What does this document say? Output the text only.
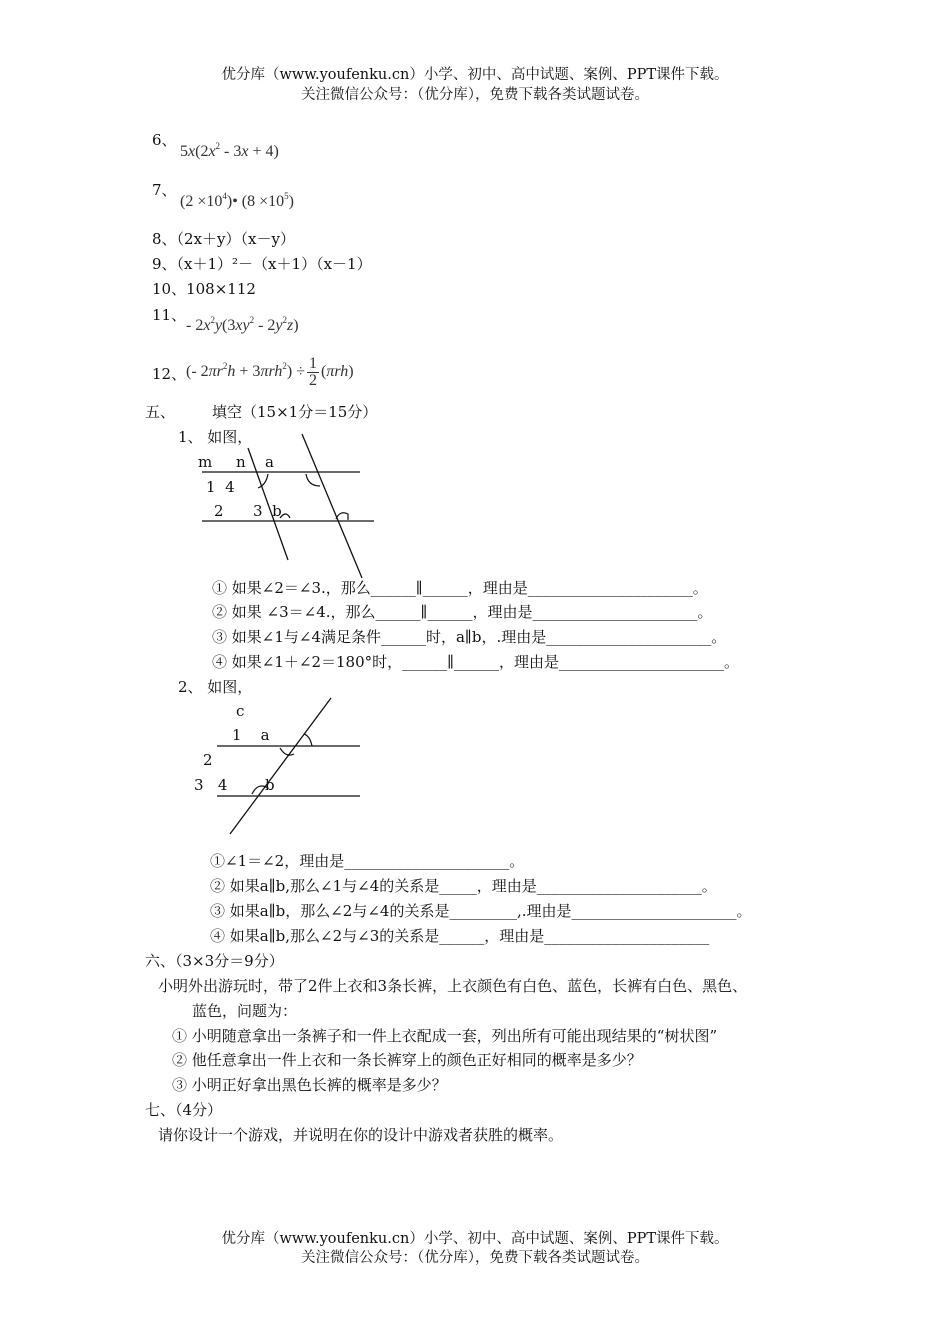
优分库（www.youfenku.cn）小学、初中、高中试题、案例、PPT课件下载。
关注微信公众号：（优分库），免费下载各类试题试卷。
6、
$5x(2x^2 - 3x + 4)$
7、
$(2 \times 10^4)•$ $(8 \times 10^5)$
8、（2x＋y）（x－y）
9、（x＋1）²－（x＋1）（x－1）
10、108×112
11、
- $2x^2y(3xy^2 - 2y^2z)$
12、 (- $2\pi r^2h + 3\pi rh^2) \div \frac{1}{2} (\pi rh)$
五、 填空（15×1分＝15分）
1、 如图，
m n a
1  4
2 3  b
① 如果∠2＝∠3.，那么______∥______，理由是______________________。
② 如果 ∠3＝∠4.，那么______∥______，理由是______________________。
③ 如果∠1与∠4满足条件______时，a∥b，.理由是______________________。
④ 如果∠1＋∠2＝180°时，______∥______，理由是______________________。
2、 如图，
c
1    a
2
3   4	b
①∠1＝∠2，理由是______________________。
② 如果a∥b,那么∠1与∠4的关系是_____，理由是______________________。
③ 如果a∥b，那么∠2与∠4的关系是_________,.理由是______________________。
④ 如果a∥b,那么∠2与∠3的关系是______，理由是______________________
六、（3×3分＝9分）
小明外出游玩时，带了2件上衣和3条长裤，上衣颜色有白色、蓝色，长裤有白色、黑色、
蓝色，问题为：
① 小明随意拿出一条裤子和一件上衣配成一套，列出所有可能出现结果的“树状图”
② 他任意拿出一件上衣和一条长裤穿上的颜色正好相同的概率是多少？
③ 小明正好拿出黑色长裤的概率是多少？
七、（4分）
请你设计一个游戏，并说明在你的设计中游戏者获胜的概率。
优分库（www.youfenku.cn）小学、初中、高中试题、案例、PPT课件下载。
关注微信公众号：（优分库），免费下载各类试题试卷。
